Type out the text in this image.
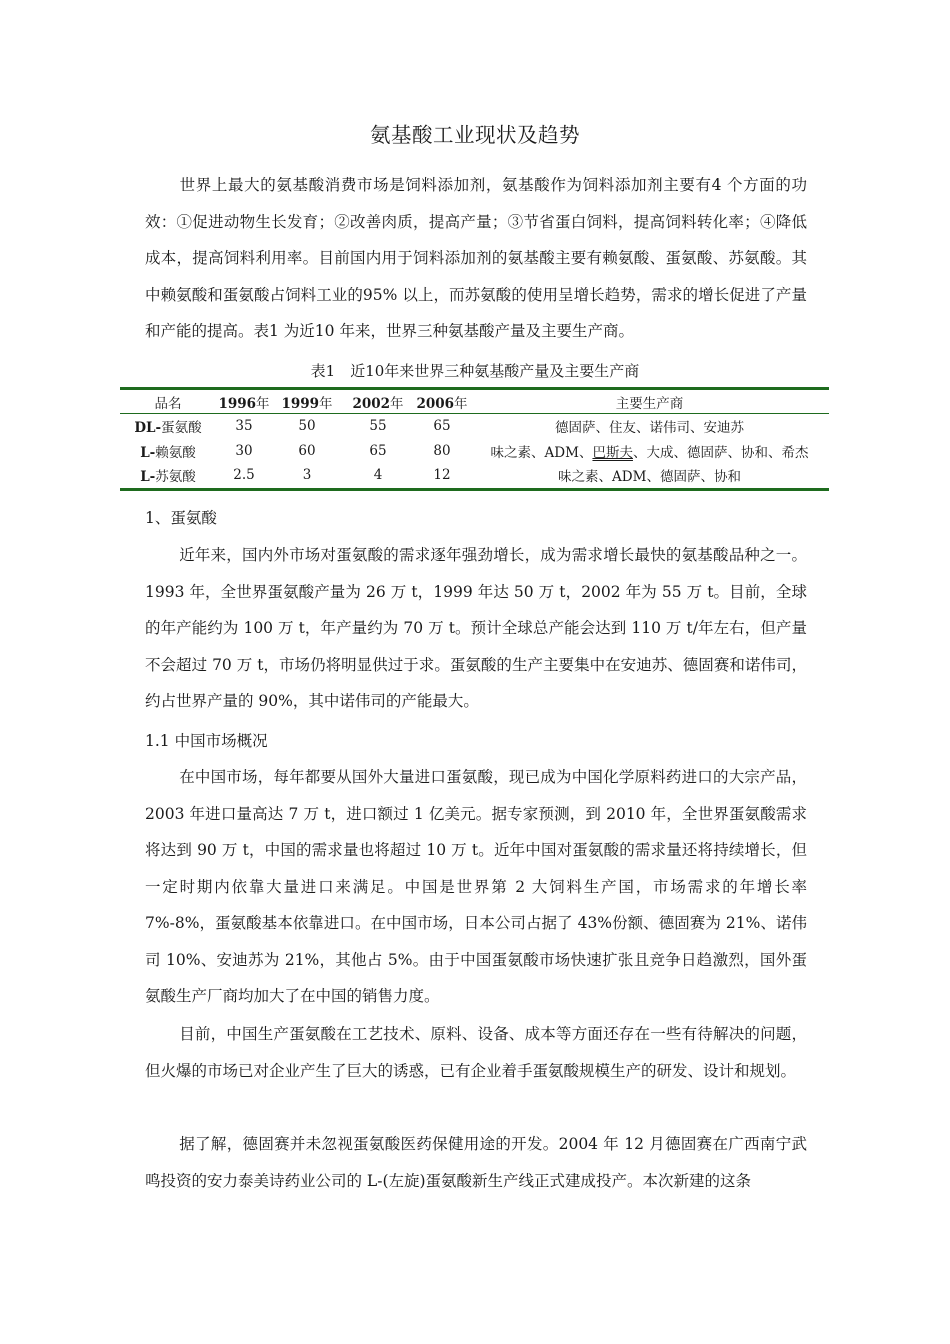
氨基酸工业现状及趋势

世界上最大的氨基酸消费市场是饲料添加剂，氨基酸作为饲料添加剂主要有4 个方面的功效：①促进动物生长发育；②改善肉质，提高产量；③节省蛋白饲料，提高饲料转化率；④降低成本，提高饲料利用率。目前国内用于饲料添加剂的氨基酸主要有赖氨酸、蛋氨酸、苏氨酸。其中赖氨酸和蛋氨酸占饲料工业的95% 以上，而苏氨酸的使用呈增长趋势，需求的增长促进了产量和产能的提高。表1 为近10 年来，世界三种氨基酸产量及主要生产商。

表1　近10年来世界三种氨基酸产量及主要生产商
品名	1996年	1999年	2002年	2006年	主要生产商

DL-蛋氨酸	35	50	55	65	德固萨、住友、诺伟司、安迪苏
L-赖氨酸	30	60	65	80	味之素、ADM、巴斯夫、大成、德固萨、协和、希杰
L-苏氨酸	2.5	3	4	12	味之素、ADM、德固萨、协和
1、蛋氨酸

近年来，国内外市场对蛋氨酸的需求逐年强劲增长，成为需求增长最快的氨基酸品种之一。1993 年，全世界蛋氨酸产量为 26 万 t，1999 年达 50 万 t，2002 年为 55 万 t。目前，全球的年产能约为 100 万 t，年产量约为 70 万 t。预计全球总产能会达到 110 万 t/年左右，但产量不会超过 70 万 t，市场仍将明显供过于求。蛋氨酸的生产主要集中在安迪苏、德固赛和诺伟司，约占世界产量的 90%，其中诺伟司的产能最大。

1.1 中国市场概况

在中国市场，每年都要从国外大量进口蛋氨酸，现已成为中国化学原料药进口的大宗产品，2003 年进口量高达 7 万 t，进口额过 1 亿美元。据专家预测，到 2010 年，全世界蛋氨酸需求将达到 90 万 t，中国的需求量也将超过 10 万 t。近年中国对蛋氨酸的需求量还将持续增长，但一定时期内依靠大量进口来满足。中国是世界第 2 大饲料生产国，市场需求的年增长率 7%-8%，蛋氨酸基本依靠进口。在中国市场，日本公司占据了 43%份额、德固赛为 21%、诺伟司 10%、安迪苏为 21%，其他占 5%。由于中国蛋氨酸市场快速扩张且竞争日趋激烈，国外蛋氨酸生产厂商均加大了在中国的销售力度。

目前，中国生产蛋氨酸在工艺技术、原料、设备、成本等方面还存在一些有待解决的问题，但火爆的市场已对企业产生了巨大的诱惑，已有企业着手蛋氨酸规模生产的研发、设计和规划。

据了解，德固赛并未忽视蛋氨酸医药保健用途的开发。2004 年 12 月德固赛在广西南宁武鸣投资的安力泰美诗药业公司的 L-(左旋)蛋氨酸新生产线正式建成投产。本次新建的这条
